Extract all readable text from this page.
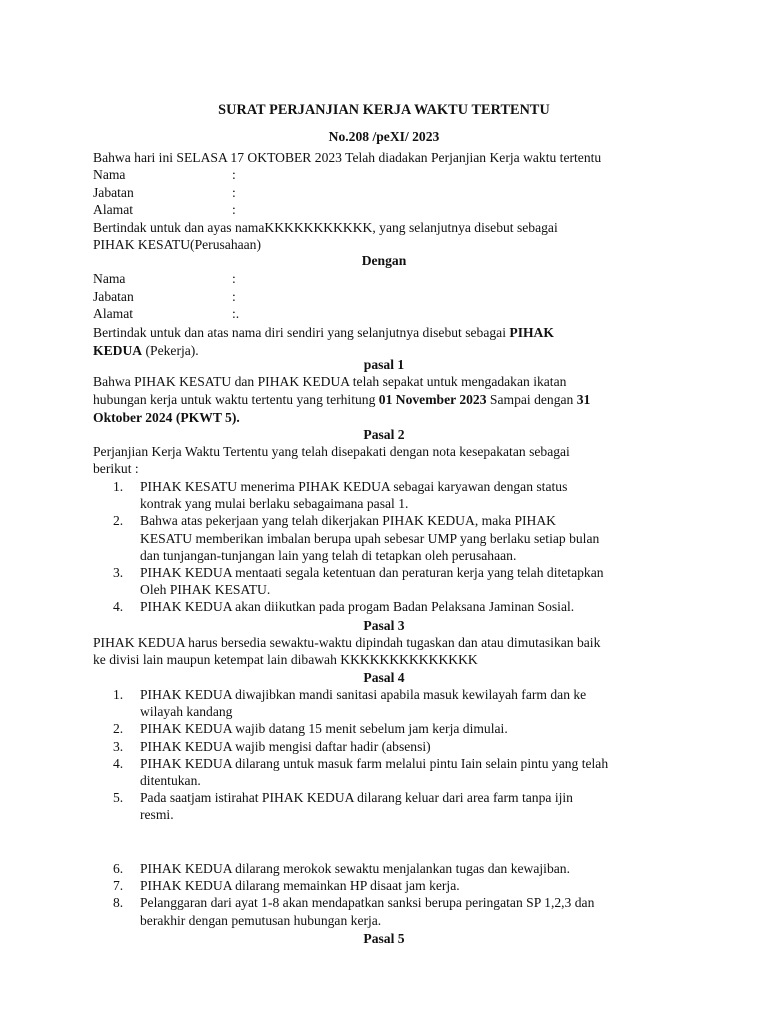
SURAT PERJANJIAN KERJA WAKTU TERTENTU
No.208 /peXI/ 2023
Bahwa hari ini SELASA 17 OKTOBER 2023 Telah diadakan Perjanjian Kerja waktu tertentu
Nama	:
Jabatan	:
Alamat	:
Bertindak untuk dan ayas namaKKKKKKKKKKK, yang selanjutnya disebut sebagai
PIHAK KESATU(Perusahaan)
Dengan
Nama	:
Jabatan	:
Alamat	:.
Bertindak untuk dan atas nama diri sendiri yang selanjutnya disebut sebagai PIHAK
KEDUA (Pekerja).
pasal 1
Bahwa PIHAK KESATU dan PIHAK KEDUA telah sepakat untuk mengadakan ikatan
hubungan kerja untuk waktu tertentu yang terhitung 01 November 2023 Sampai dengan 31
Oktober 2024 (PKWT 5).
Pasal 2
Perjanjian Kerja Waktu Tertentu yang telah disepakati dengan nota kesepakatan sebagai
berikut :
1. PIHAK KESATU menerima PIHAK KEDUA sebagai karyawan dengan status
kontrak yang mulai berlaku sebagaimana pasal 1.
2. Bahwa atas pekerjaan yang telah dikerjakan PIHAK KEDUA, maka PIHAK
KESATU memberikan imbalan berupa upah sebesar UMP yang berlaku setiap bulan
dan tunjangan-tunjangan lain yang telah di tetapkan oleh perusahaan.
3. PIHAK KEDUA mentaati segala ketentuan dan peraturan kerja yang telah ditetapkan
Oleh PIHAK KESATU.
4. PIHAK KEDUA akan diikutkan pada progam Badan Pelaksana Jaminan Sosial.
Pasal 3
PIHAK KEDUA harus bersedia sewaktu-waktu dipindah tugaskan dan atau dimutasikan baik
ke divisi lain maupun ketempat lain dibawah KKKKKKKKKKKKKK
Pasal 4
1. PIHAK KEDUA diwajibkan mandi sanitasi apabila masuk kewilayah farm dan ke
wilayah kandang
2. PIHAK KEDUA wajib datang 15 menit sebelum jam kerja dimulai.
3. PIHAK KEDUA wajib mengisi daftar hadir (absensi)
4. PIHAK KEDUA dilarang untuk masuk farm melalui pintu Iain selain pintu yang telah
ditentukan.
5. Pada saatjam istirahat PIHAK KEDUA dilarang keluar dari area farm tanpa ijin
resmi.
6. PIHAK KEDUA dilarang merokok sewaktu menjalankan tugas dan kewajiban.
7. PIHAK KEDUA dilarang memainkan HP disaat jam kerja.
8. Pelanggaran dari ayat 1-8 akan mendapatkan sanksi berupa peringatan SP 1,2,3 dan
berakhir dengan pemutusan hubungan kerja.
Pasal 5
